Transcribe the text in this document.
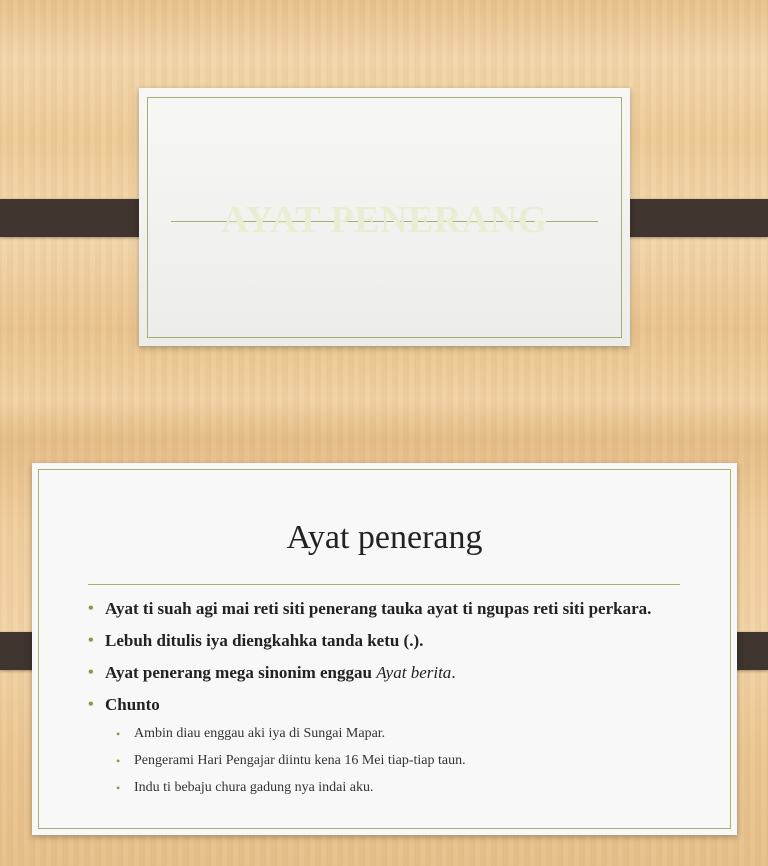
AYAT PENERANG
Ayat penerang
• Ayat ti suah agi mai reti siti penerang tauka ayat ti ngupas reti siti perkara.
• Lebuh ditulis iya diengkahka tanda ketu (.).
• Ayat penerang mega sinonim enggau Ayat berita.
• Chunto
• Ambin diau enggau aki iya di Sungai Mapar.
• Pengerami Hari Pengajar diintu kena 16 Mei tiap-tiap taun.
• Indu ti bebaju chura gadung nya indai aku.
